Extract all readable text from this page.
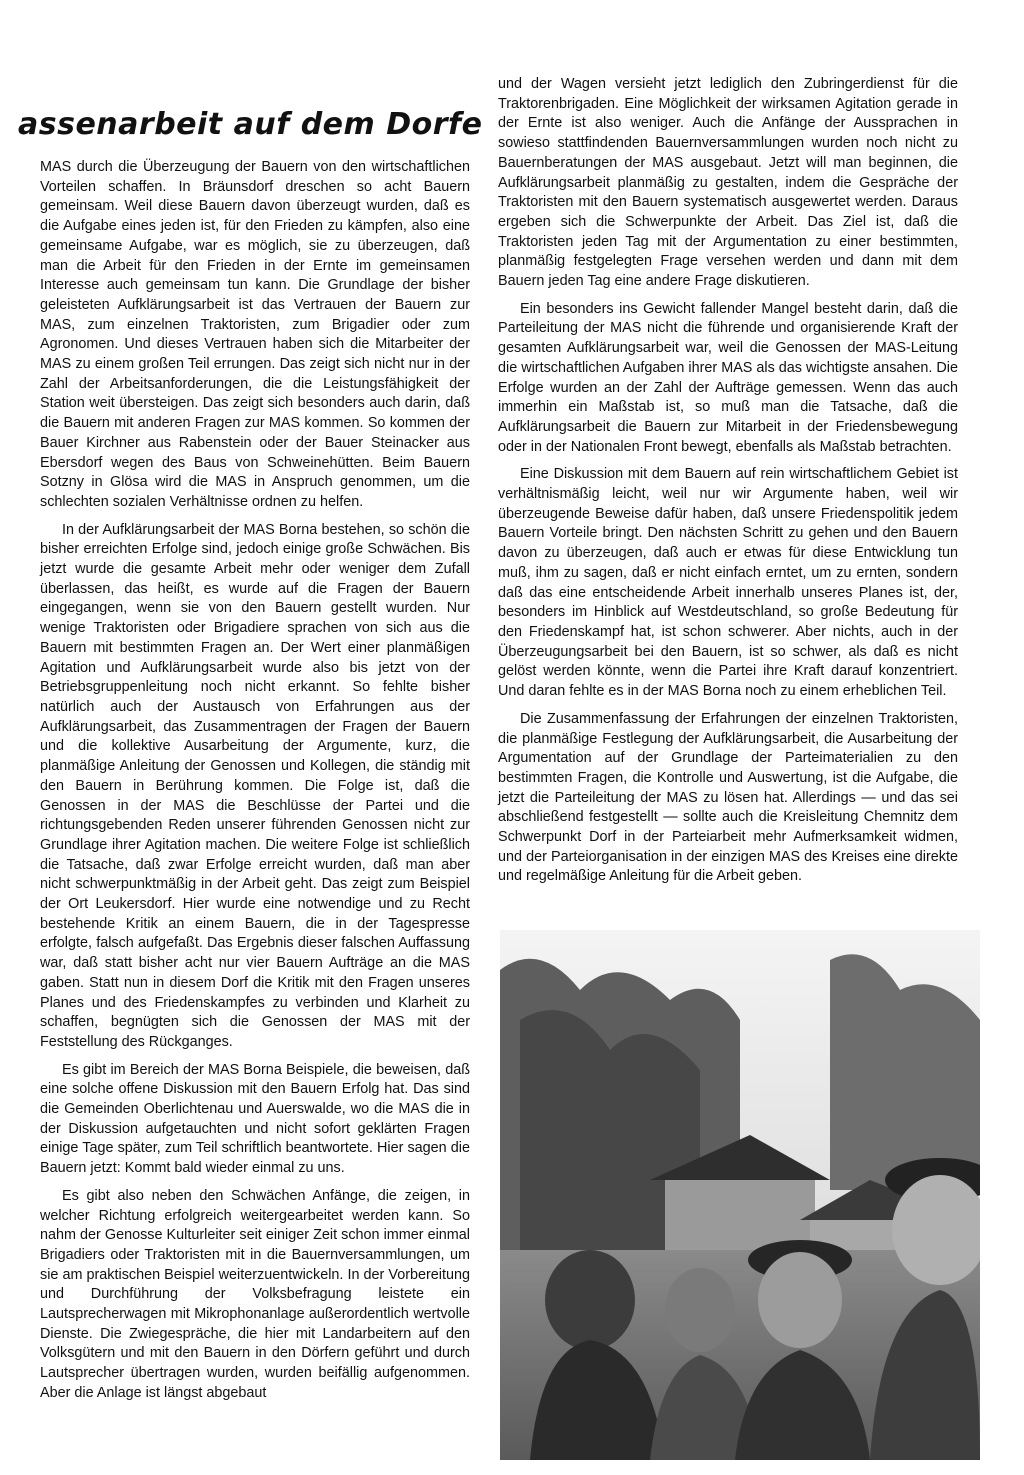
assenarbeit auf dem Dorfe

MAS durch die Überzeugung der Bauern von den wirtschaftlichen Vorteilen schaffen. In Bräunsdorf dreschen so acht Bauern gemeinsam. Weil diese Bauern davon überzeugt wurden, daß es die Aufgabe eines jeden ist, für den Frieden zu kämpfen, also eine gemeinsame Aufgabe, war es möglich, sie zu überzeugen, daß man die Arbeit für den Frieden in der Ernte im gemeinsamen Interesse auch gemeinsam tun kann. Die Grundlage der bisher geleisteten Aufklärungsarbeit ist das Vertrauen der Bauern zur MAS, zum einzelnen Traktoristen, zum Brigadier oder zum Agronomen. Und dieses Vertrauen haben sich die Mitarbeiter der MAS zu einem großen Teil errungen. Das zeigt sich nicht nur in der Zahl der Arbeitsanforderungen, die die Leistungsfähigkeit der Station weit übersteigen. Das zeigt sich besonders auch darin, daß die Bauern mit anderen Fragen zur MAS kommen. So kommen der Bauer Kirchner aus Rabenstein oder der Bauer Steinacker aus Ebersdorf wegen des Baus von Schweinehütten. Beim Bauern Sotzny in Glösa wird die MAS in Anspruch genommen, um die schlechten sozialen Verhältnisse ordnen zu helfen.

In der Aufklärungsarbeit der MAS Borna bestehen, so schön die bisher erreichten Erfolge sind, jedoch einige große Schwächen. Bis jetzt wurde die gesamte Arbeit mehr oder weniger dem Zufall überlassen, das heißt, es wurde auf die Fragen der Bauern eingegangen, wenn sie von den Bauern gestellt wurden. Nur wenige Traktoristen oder Brigadiere sprachen von sich aus die Bauern mit bestimmten Fragen an. Der Wert einer planmäßigen Agitation und Aufklärungsarbeit wurde also bis jetzt von der Betriebsgruppenleitung noch nicht erkannt. So fehlte bisher natürlich auch der Austausch von Erfahrungen aus der Aufklärungsarbeit, das Zusammentragen der Fragen der Bauern und die kollektive Ausarbeitung der Argumente, kurz, die planmäßige Anleitung der Genossen und Kollegen, die ständig mit den Bauern in Berührung kommen. Die Folge ist, daß die Genossen in der MAS die Beschlüsse der Partei und die richtungsgebenden Reden unserer führenden Genossen nicht zur Grundlage ihrer Agitation machen. Die weitere Folge ist schließlich die Tatsache, daß zwar Erfolge erreicht wurden, daß man aber nicht schwerpunktmäßig in der Arbeit geht. Das zeigt zum Beispiel der Ort Leukersdorf. Hier wurde eine notwendige und zu Recht bestehende Kritik an einem Bauern, die in der Tagespresse erfolgte, falsch aufgefaßt. Das Ergebnis dieser falschen Auffassung war, daß statt bisher acht nur vier Bauern Aufträge an die MAS gaben. Statt nun in diesem Dorf die Kritik mit den Fragen unseres Planes und des Friedenskampfes zu verbinden und Klarheit zu schaffen, begnügten sich die Genossen der MAS mit der Feststellung des Rückganges.

Es gibt im Bereich der MAS Borna Beispiele, die beweisen, daß eine solche offene Diskussion mit den Bauern Erfolg hat. Das sind die Gemeinden Oberlichtenau und Auerswalde, wo die MAS die in der Diskussion aufgetauchten und nicht sofort geklärten Fragen einige Tage später, zum Teil schriftlich beantwortete. Hier sagen die Bauern jetzt: Kommt bald wieder einmal zu uns.

Es gibt also neben den Schwächen Anfänge, die zeigen, in welcher Richtung erfolgreich weitergearbeitet werden kann. So nahm der Genosse Kulturleiter seit einiger Zeit schon immer einmal Brigadiers oder Traktoristen mit in die Bauernversammlungen, um sie am praktischen Beispiel weiterzuentwickeln. In der Vorbereitung und Durchführung der Volksbefragung leistete ein Lautsprecherwagen mit Mikrophonanlage außerordentlich wertvolle Dienste. Die Zwiegespräche, die hier mit Landarbeitern auf den Volksgütern und mit den Bauern in den Dörfern geführt und durch Lautsprecher übertragen wurden, wurden beifällig aufgenommen. Aber die Anlage ist längst abgebaut

und der Wagen versieht jetzt lediglich den Zubringerdienst für die Traktorenbrigaden. Eine Möglichkeit der wirksamen Agitation gerade in der Ernte ist also weniger. Auch die Anfänge der Aussprachen in sowieso stattfindenden Bauernversammlungen wurden noch nicht zu Bauernberatungen der MAS ausgebaut. Jetzt will man beginnen, die Aufklärungsarbeit planmäßig zu gestalten, indem die Gespräche der Traktoristen mit den Bauern systematisch ausgewertet werden. Daraus ergeben sich die Schwerpunkte der Arbeit. Das Ziel ist, daß die Traktoristen jeden Tag mit der Argumentation zu einer bestimmten, planmäßig festgelegten Frage versehen werden und dann mit dem Bauern jeden Tag eine andere Frage diskutieren.

Ein besonders ins Gewicht fallender Mangel besteht darin, daß die Parteileitung der MAS nicht die führende und organisierende Kraft der gesamten Aufklärungsarbeit war, weil die Genossen der MAS-Leitung die wirtschaftlichen Aufgaben ihrer MAS als das wichtigste ansahen. Die Erfolge wurden an der Zahl der Aufträge gemessen. Wenn das auch immerhin ein Maßstab ist, so muß man die Tatsache, daß die Aufklärungsarbeit die Bauern zur Mitarbeit in der Friedensbewegung oder in der Nationalen Front bewegt, ebenfalls als Maßstab betrachten.

Eine Diskussion mit dem Bauern auf rein wirtschaftlichem Gebiet ist verhältnismäßig leicht, weil nur wir Argumente haben, weil wir überzeugende Beweise dafür haben, daß unsere Friedenspolitik jedem Bauern Vorteile bringt. Den nächsten Schritt zu gehen und den Bauern davon zu überzeugen, daß auch er etwas für diese Entwicklung tun muß, ihm zu sagen, daß er nicht einfach erntet, um zu ernten, sondern daß das eine entscheidende Arbeit innerhalb unseres Planes ist, der, besonders im Hinblick auf Westdeutschland, so große Bedeutung für den Friedenskampf hat, ist schon schwerer. Aber nichts, auch in der Überzeugungsarbeit bei den Bauern, ist so schwer, als daß es nicht gelöst werden könnte, wenn die Partei ihre Kraft darauf konzentriert. Und daran fehlte es in der MAS Borna noch zu einem erheblichen Teil.

Die Zusammenfassung der Erfahrungen der einzelnen Traktoristen, die planmäßige Festlegung der Aufklärungsarbeit, die Ausarbeitung der Argumentation auf der Grundlage der Parteimaterialien zu den bestimmten Fragen, die Kontrolle und Auswertung, ist die Aufgabe, die jetzt die Parteileitung der MAS zu lösen hat. Allerdings — und das sei abschließend festgestellt — sollte auch die Kreisleitung Chemnitz dem Schwerpunkt Dorf in der Parteiarbeit mehr Aufmerksamkeit widmen, und der Parteiorganisation in der einzigen MAS des Kreises eine direkte und regelmäßige Anleitung für die Arbeit geben.
